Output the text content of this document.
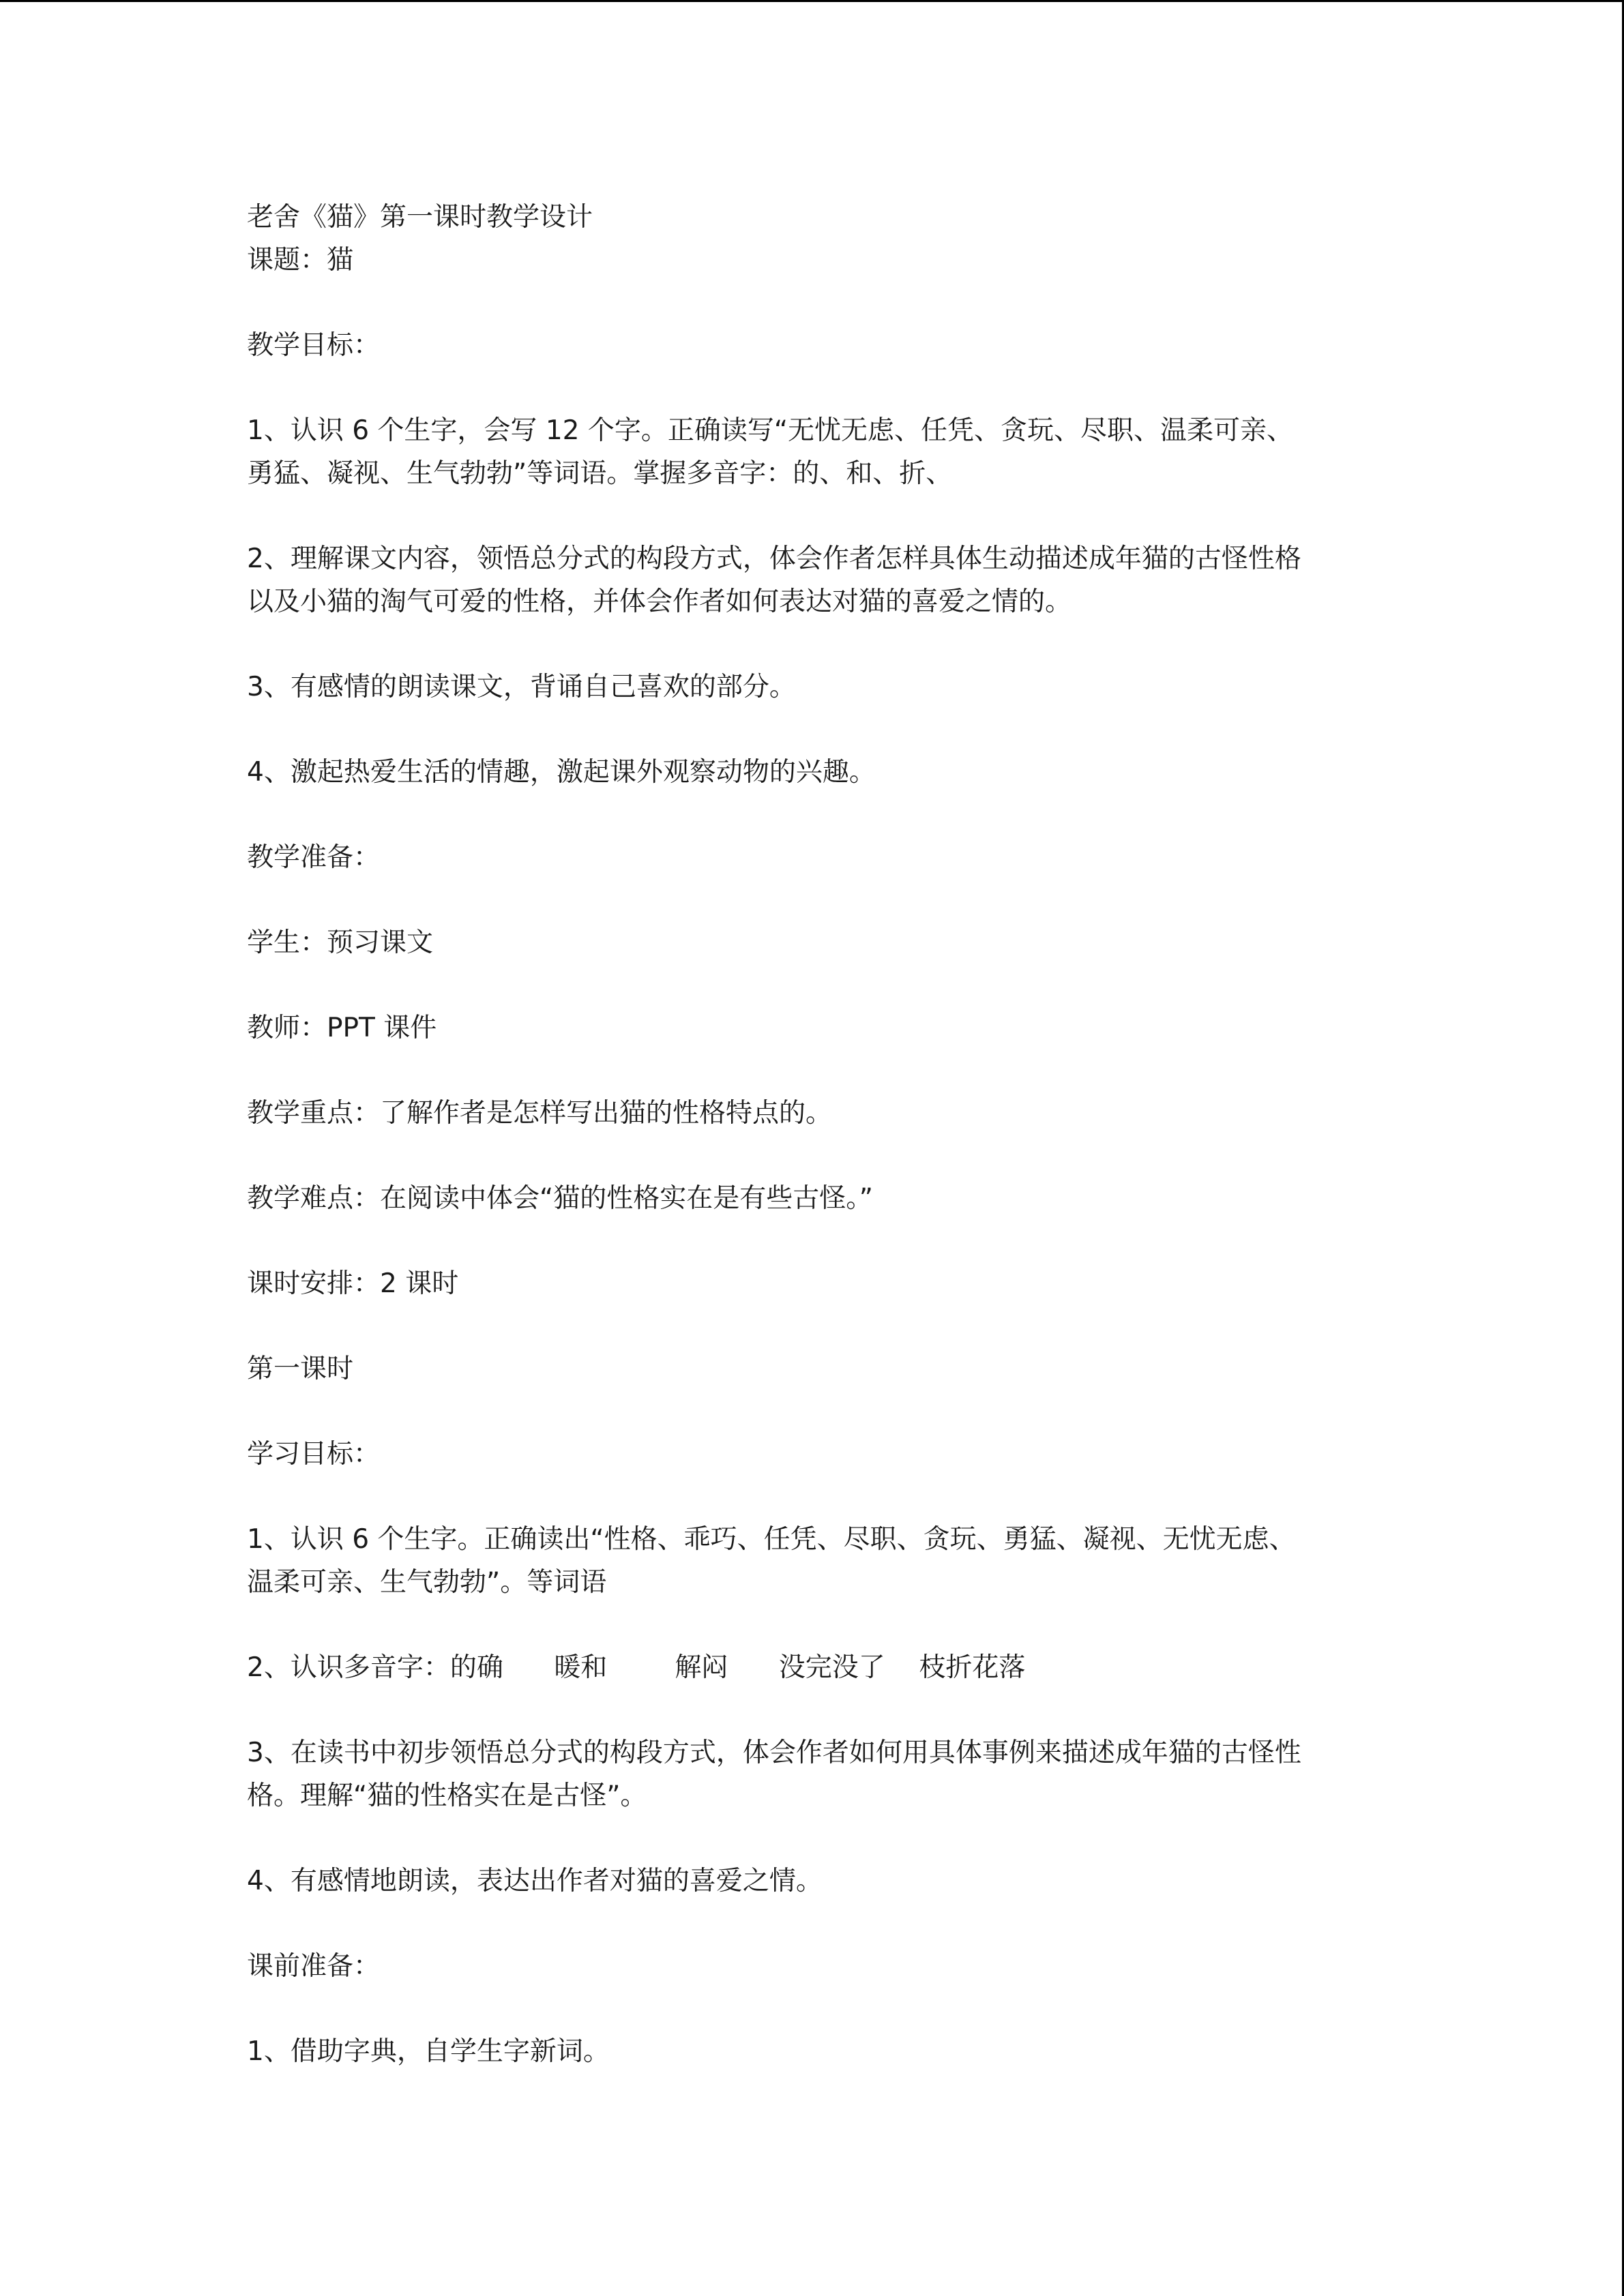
老舍《猫》第一课时教学设计

课题：猫

教学目标：

1、认识 6 个生字，会写 12 个字。正确读写“无忧无虑、任凭、贪玩、尽职、温柔可亲、

勇猛、凝视、生气勃勃”等词语。掌握多音字：的、和、折、

2、理解课文内容，领悟总分式的构段方式，体会作者怎样具体生动描述成年猫的古怪性格

以及小猫的淘气可爱的性格，并体会作者如何表达对猫的喜爱之情的。

3、有感情的朗读课文，背诵自己喜欢的部分。

4、激起热爱生活的情趣，激起课外观察动物的兴趣。

教学准备：

学生：预习课文

教师：PPT 课件

教学重点：了解作者是怎样写出猫的性格特点的。

教学难点：在阅读中体会“猫的性格实在是有些古怪。”

课时安排：2 课时

第一课时

学习目标：

1、认识 6 个生字。正确读出“性格、乖巧、任凭、尽职、贪玩、勇猛、凝视、无忧无虑、

温柔可亲、生气勃勃”。等词语

2、认识多音字：的确      暖和        解闷      没完没了    枝折花落

3、在读书中初步领悟总分式的构段方式，体会作者如何用具体事例来描述成年猫的古怪性

格。理解“猫的性格实在是古怪”。

4、有感情地朗读，表达出作者对猫的喜爱之情。

课前准备：

1、借助字典，自学生字新词。
